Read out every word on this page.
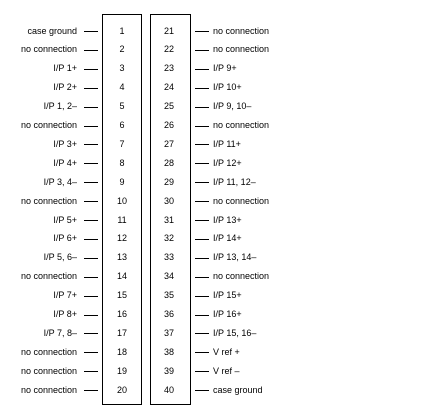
case ground	1
no connection	2
I/P 1+	3
I/P 2+	4
I/P 1, 2–	5
no connection	6
I/P 3+	7
I/P 4+	8
I/P 3, 4–	9
no connection	10
I/P 5+	11
I/P 6+	12
I/P 5, 6–	13
no connection	14
I/P 7+	15
I/P 8+	16
I/P 7, 8–	17
no connection	18
no connection	19
no connection	20
21	no connection
22	no connection
23	I/P 9+
24	I/P 10+
25	I/P 9, 10–
26	no connection
27	I/P 11+
28	I/P 12+
29	I/P 11, 12–
30	no connection
31	I/P 13+
32	I/P 14+
33	I/P 13, 14–
34	no connection
35	I/P 15+
36	I/P 16+
37	I/P 15, 16–
38	V ref +
39	V ref –
40	case ground
